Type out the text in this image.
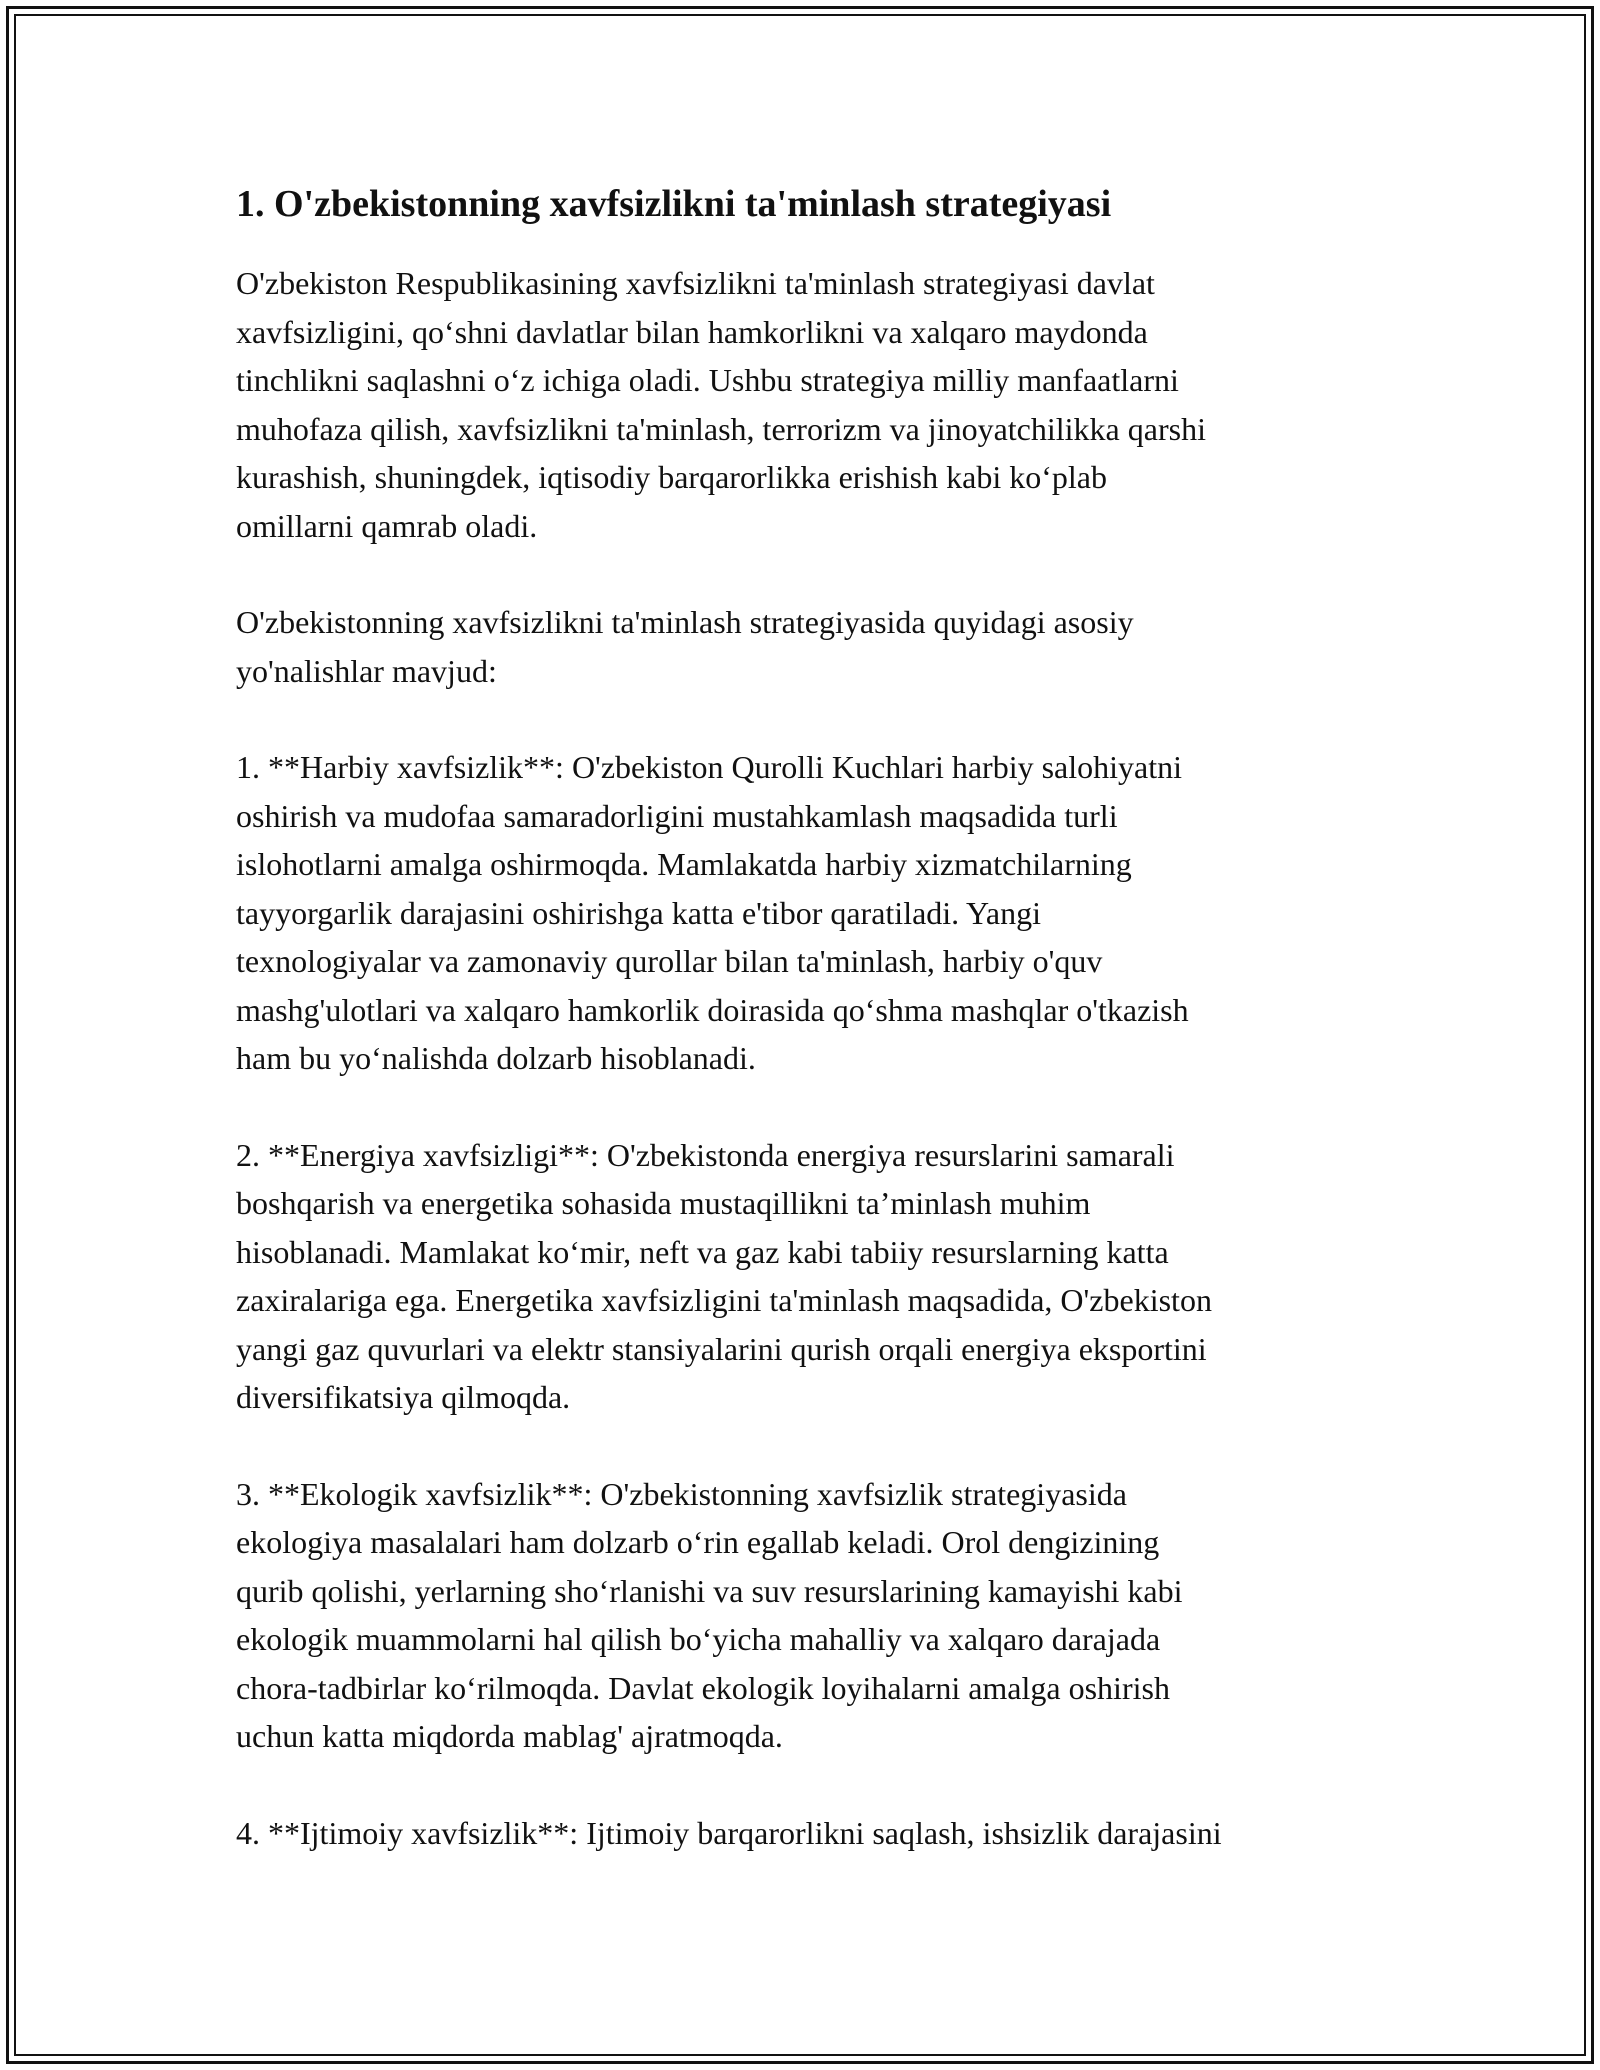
1. O'zbekistonning xavfsizlikni ta'minlash strategiyasi

O'zbekiston Respublikasining xavfsizlikni ta'minlash strategiyasi davlat
xavfsizligini, qo‘shni davlatlar bilan hamkorlikni va xalqaro maydonda
tinchlikni saqlashni o‘z ichiga oladi. Ushbu strategiya milliy manfaatlarni
muhofaza qilish, xavfsizlikni ta'minlash, terrorizm va jinoyatchilikka qarshi
kurashish, shuningdek, iqtisodiy barqarorlikka erishish kabi ko‘plab
omillarni qamrab oladi.

O'zbekistonning xavfsizlikni ta'minlash strategiyasida quyidagi asosiy
yo'nalishlar mavjud:

1. **Harbiy xavfsizlik**: O'zbekiston Qurolli Kuchlari harbiy salohiyatni
oshirish va mudofaa samaradorligini mustahkamlash maqsadida turli
islohotlarni amalga oshirmoqda. Mamlakatda harbiy xizmatchilarning
tayyorgarlik darajasini oshirishga katta e'tibor qaratiladi. Yangi
texnologiyalar va zamonaviy qurollar bilan ta'minlash, harbiy o'quv
mashg'ulotlari va xalqaro hamkorlik doirasida qo‘shma mashqlar o'tkazish
ham bu yo‘nalishda dolzarb hisoblanadi.

2. **Energiya xavfsizligi**: O'zbekistonda energiya resurslarini samarali
boshqarish va energetika sohasida mustaqillikni ta’minlash muhim
hisoblanadi. Mamlakat ko‘mir, neft va gaz kabi tabiiy resurslarning katta
zaxiralariga ega. Energetika xavfsizligini ta'minlash maqsadida, O'zbekiston
yangi gaz quvurlari va elektr stansiyalarini qurish orqali energiya eksportini
diversifikatsiya qilmoqda.

3. **Ekologik xavfsizlik**: O'zbekistonning xavfsizlik strategiyasida
ekologiya masalalari ham dolzarb o‘rin egallab keladi. Orol dengizining
qurib qolishi, yerlarning sho‘rlanishi va suv resurslarining kamayishi kabi
ekologik muammolarni hal qilish bo‘yicha mahalliy va xalqaro darajada
chora-tadbirlar ko‘rilmoqda. Davlat ekologik loyihalarni amalga oshirish
uchun katta miqdorda mablag' ajratmoqda.

4. **Ijtimoiy xavfsizlik**: Ijtimoiy barqarorlikni saqlash, ishsizlik darajasini
